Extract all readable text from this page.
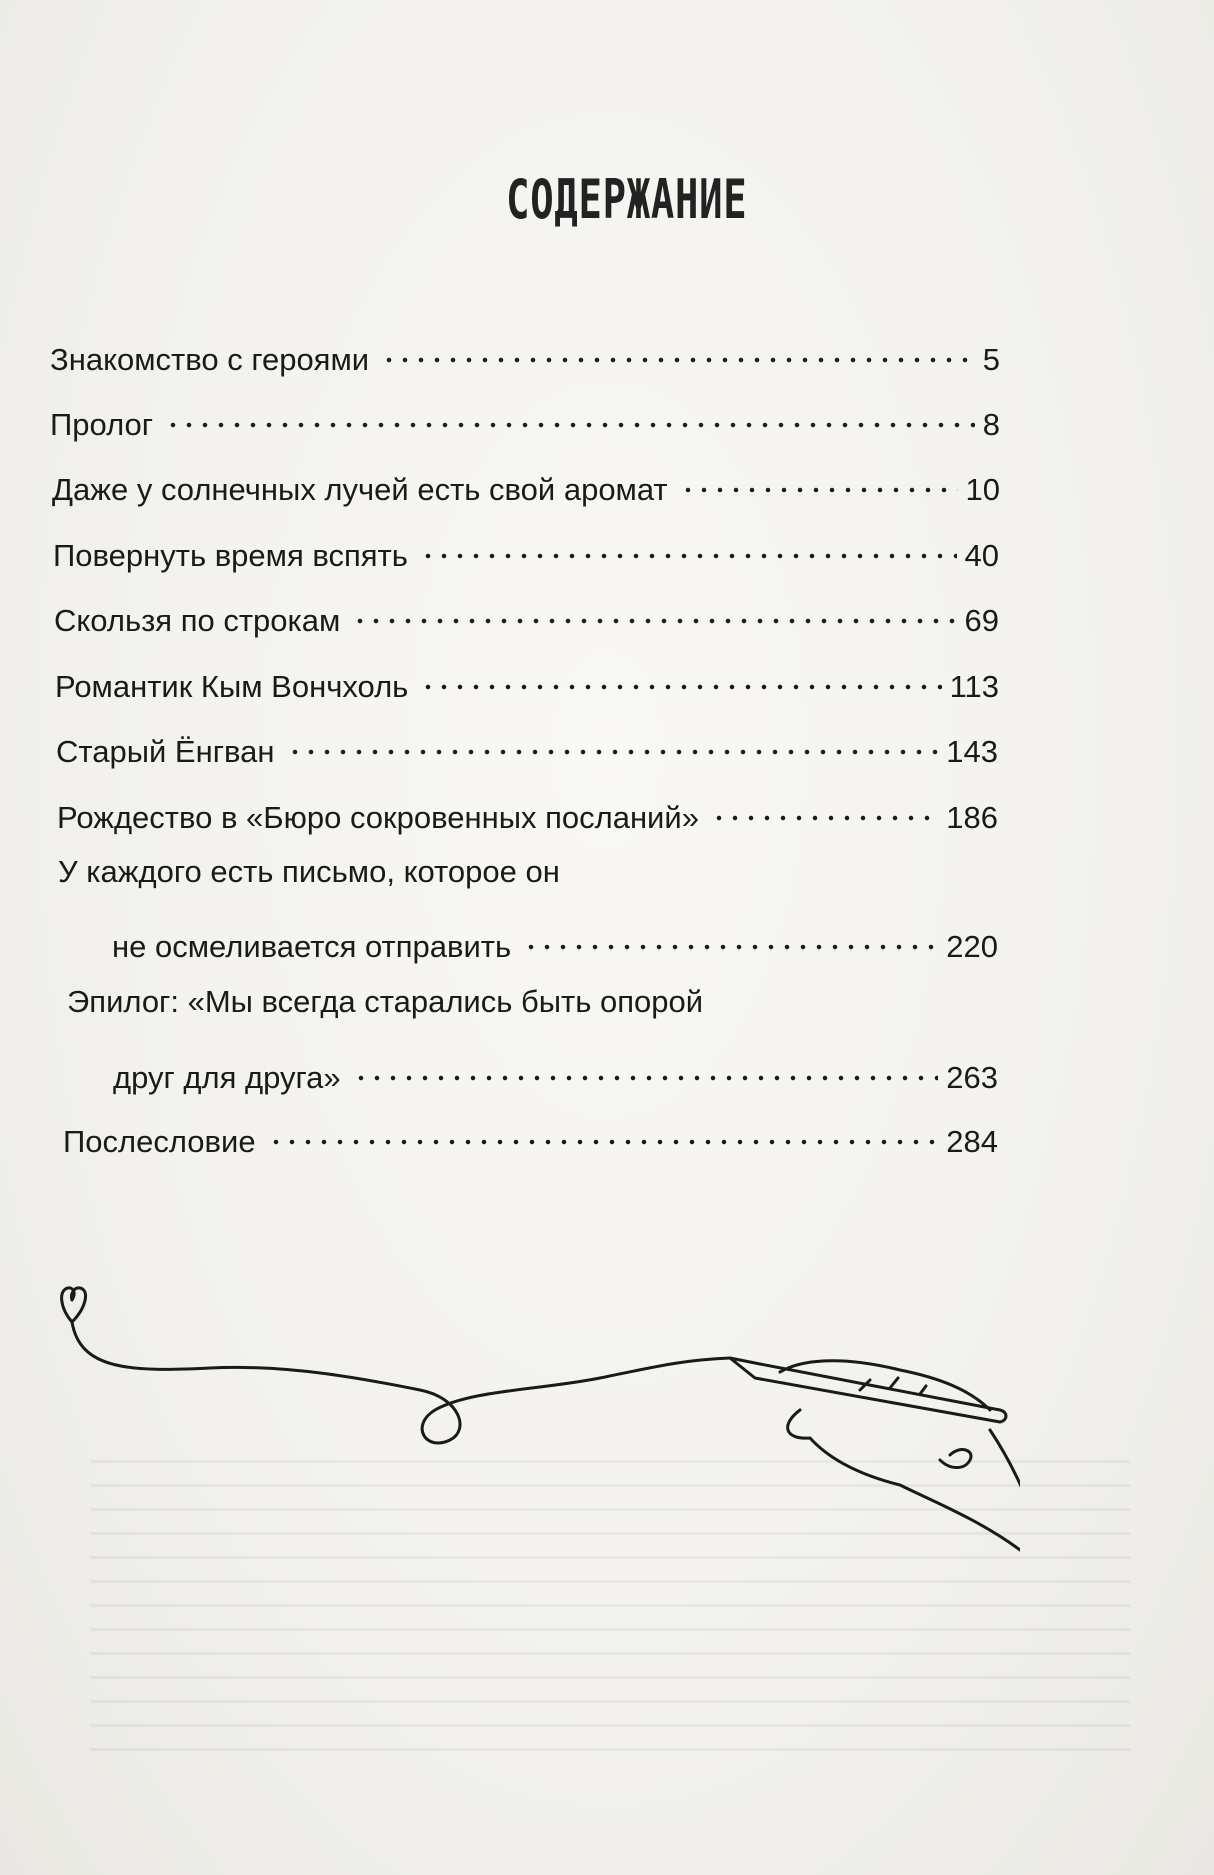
СОДЕРЖАНИЕ
Знакомство с героями	5
Пролог	8
Даже у солнечных лучей есть свой аромат	10
Повернуть время вспять	40
Скользя по строкам	69
Романтик Кым Вончхоль	113
Старый Ёнгван	143
Рождество в «Бюро сокровенных посланий»	186
У каждого есть письмо, которое он
не осмеливается отправить	220
Эпилог: «Мы всегда старались быть опорой
друг для друга»	263
Послесловие	284
